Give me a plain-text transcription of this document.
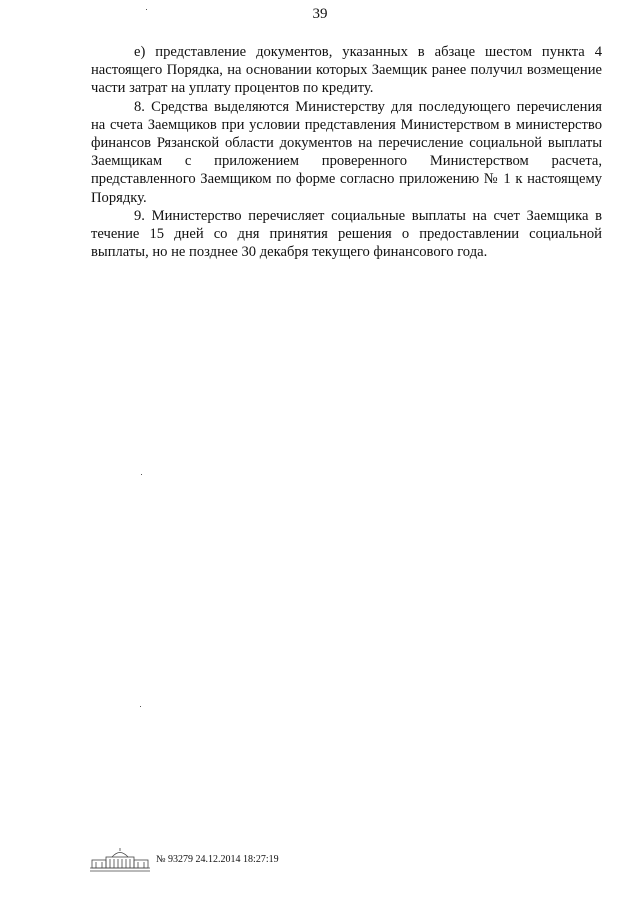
39

е) представление документов, указанных в абзаце шестом пункта 4 настоящего Порядка, на основании которых Заемщик ранее получил возмещение части затрат на уплату процентов по кредиту.

8. Средства выделяются Министерству для последующего перечисления на счета Заемщиков при условии представления Министерством в министерство финансов Рязанской области документов на перечисление социальной выплаты Заемщикам с приложением проверенного Министерством расчета, представленного Заемщиком по форме согласно приложению № 1 к настоящему Порядку.

9. Министерство перечисляет социальные выплаты на счет Заемщика в течение 15 дней со дня принятия решения о предоставлении социальной выплаты, но не позднее 30 декабря текущего финансового года.

№ 93279 24.12.2014 18:27:19
